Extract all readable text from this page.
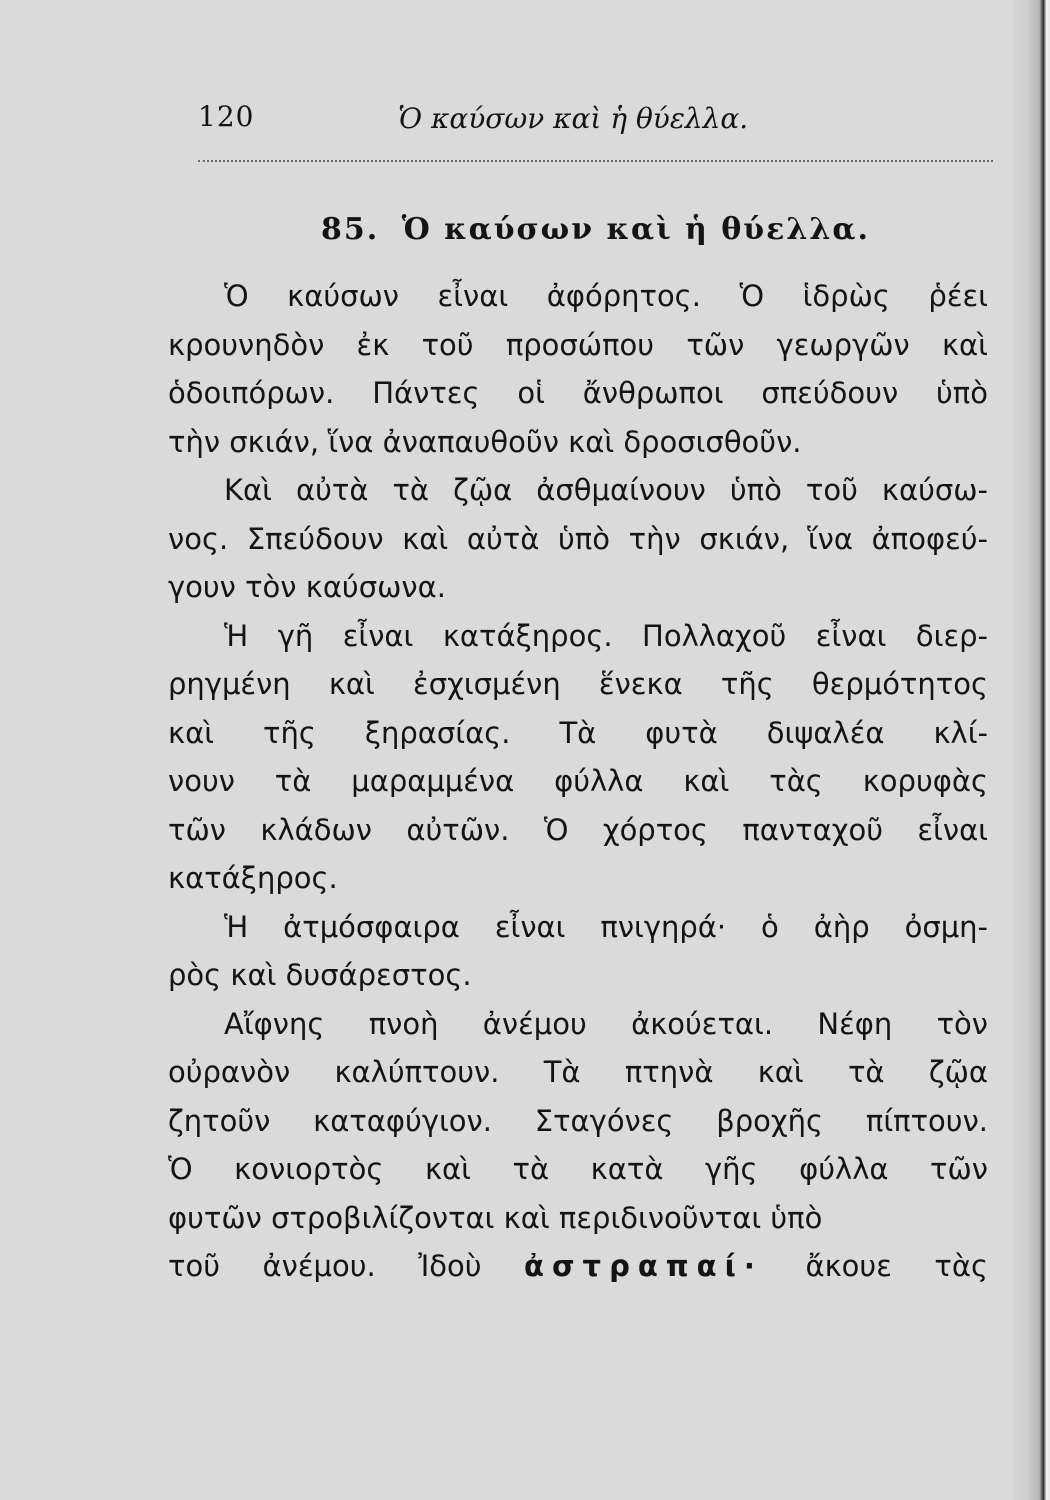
120	Ὁ καύσων καὶ ἡ θύελλα.
85. Ὁ καύσων καὶ ἡ θύελλα.
Ὁ καύσων εἶναι ἀφόρητος. Ὁ ἱδρὼς ῥέει
κρουνηδὸν ἐκ τοῦ προσώπου τῶν γεωργῶν καὶ
ὁδοιπόρων. Πάντες οἱ ἄνθρωποι σπεύδουν ὑπὸ
τὴν σκιάν, ἵνα ἀναπαυθοῦν καὶ δροσισθοῦν.
Καὶ αὐτὰ τὰ ζῷα ἀσθμαίνουν ὑπὸ τοῦ καύσω-
νος. Σπεύδουν καὶ αὐτὰ ὑπὸ τὴν σκιάν, ἵνα ἀποφεύ-
γουν τὸν καύσωνα.
Ἡ γῆ εἶναι κατάξηρος. Πολλαχοῦ εἶναι διερ-
ρηγμένη καὶ ἐσχισμένη ἕνεκα τῆς θερμότητος
καὶ τῆς ξηρασίας. Τὰ φυτὰ διψαλέα κλί-
νουν τὰ μαραμμένα φύλλα καὶ τὰς κορυφὰς
τῶν κλάδων αὐτῶν. Ὁ χόρτος πανταχοῦ εἶναι
κατάξηρος.
Ἡ ἀτμόσφαιρα εἶναι πνιγηρά· ὁ ἀὴρ ὀσμη-
ρὸς καὶ δυσάρεστος.
Αἴφνης πνοὴ ἀνέμου ἀκούεται. Νέφη τὸν
οὐρανὸν καλύπτουν. Τὰ πτηνὰ καὶ τὰ ζῷα
ζητοῦν καταφύγιον. Σταγόνες βροχῆς πίπτουν.
Ὁ κονιορτὸς καὶ τὰ κατὰ γῆς φύλλα τῶν
φυτῶν στροβιλίζονται καὶ περιδινοῦνται ὑπὸ
τοῦ ἀνέμου. Ἰδοὺ ἀστραπαί· ἄκουε τὰς
